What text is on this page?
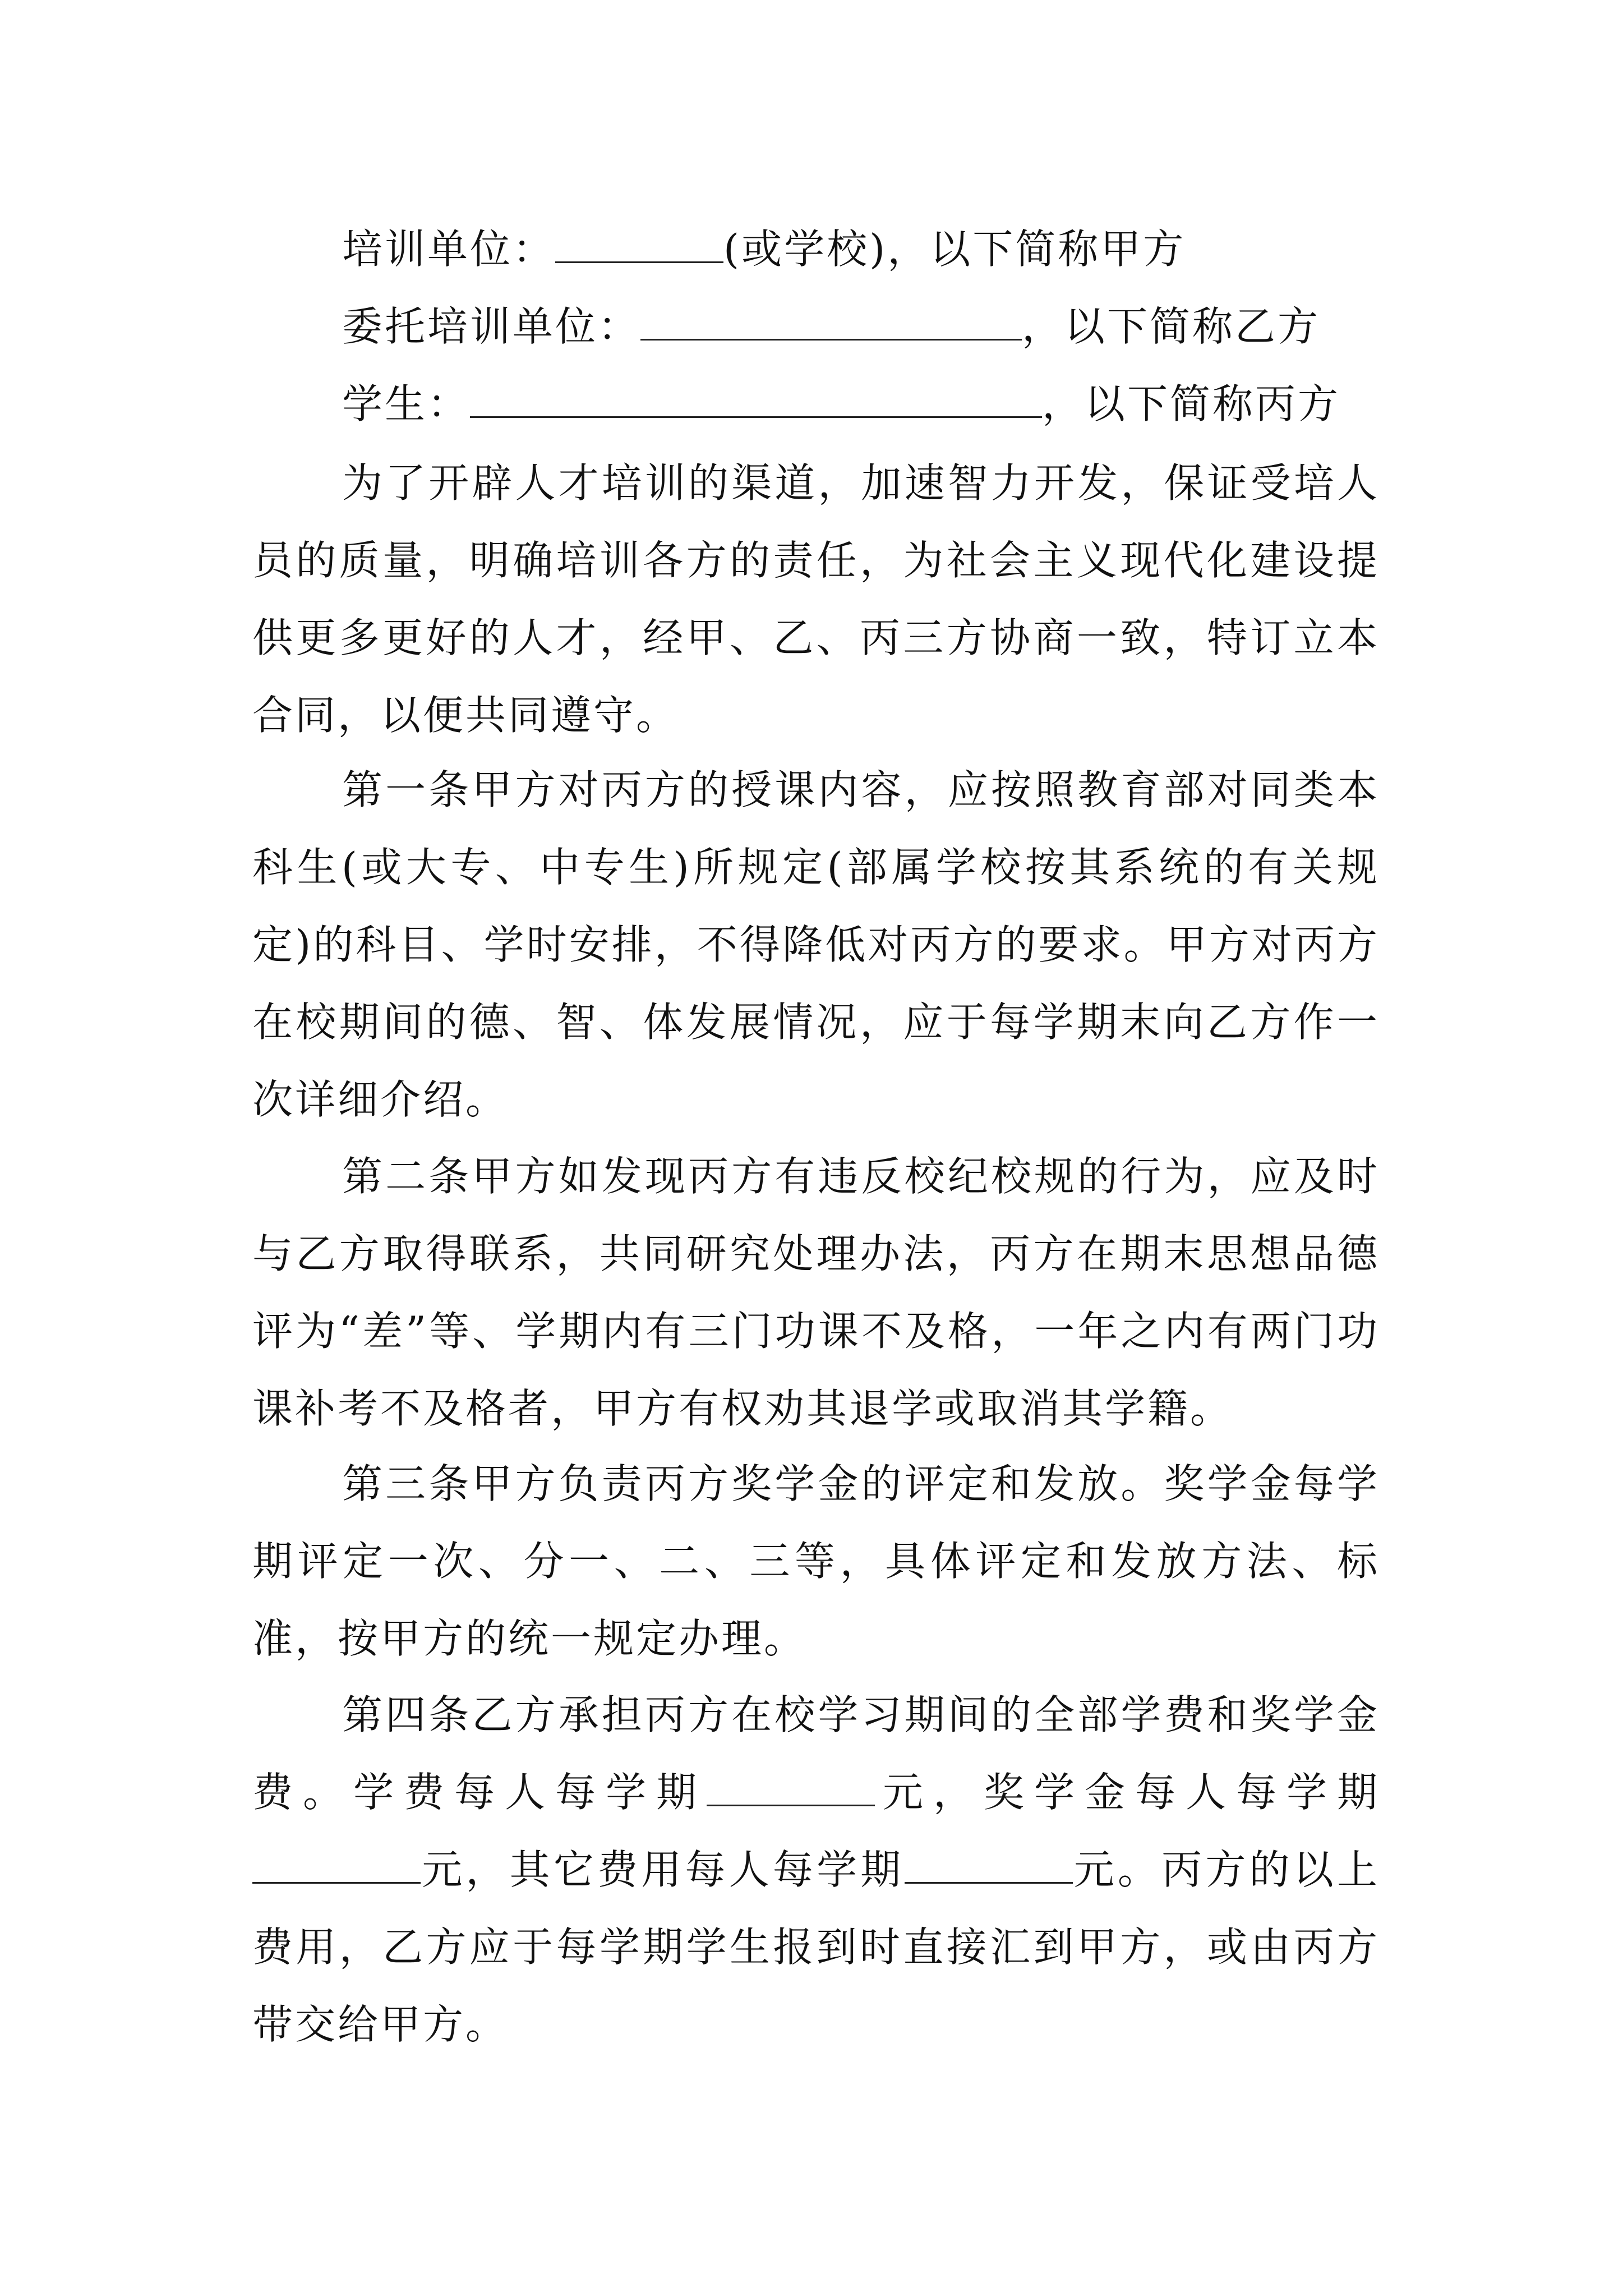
培训单位：	(或学校)，以下简称甲方

委托培训单位：	，以下简称乙方

学生：	，以下简称丙方

为了开辟人才培训的渠道，加速智力开发，保证受培人员的质量，明确培训各方的责任，为社会主义现代化建设提供更多更好的人才，经甲、乙、丙三方协商一致，特订立本合同，以便共同遵守。

第一条甲方对丙方的授课内容，应按照教育部对同类本科生(或大专、中专生)所规定(部属学校按其系统的有关规定)的科目、学时安排，不得降低对丙方的要求。甲方对丙方在校期间的德、智、体发展情况，应于每学期末向乙方作一次详细介绍。

第二条甲方如发现丙方有违反校纪校规的行为，应及时与乙方取得联系，共同研究处理办法，丙方在期末思想品德评为“差”等、学期内有三门功课不及格，一年之内有两门功课补考不及格者，甲方有权劝其退学或取消其学籍。

第三条甲方负责丙方奖学金的评定和发放。奖学金每学期评定一次、分一、二、三等，具体评定和发放方法、标准，按甲方的统一规定办理。

第四条乙方承担丙方在校学习期间的全部学费和奖学金费。学费每人每学期	元，奖学金每人每学期元，其它费用每人每学期	元。丙方的以上费用，乙方应于每学期学生报到时直接汇到甲方，或由丙方带交给甲方。
